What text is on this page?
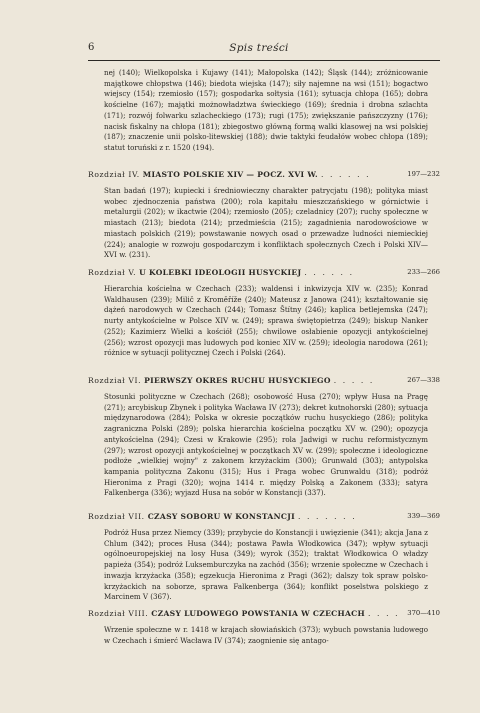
6	Spis treści
nej (140); Wielkopolska i Kujawy (141); Małopolska (142); Śląsk (144); zróżnicowanie majątkowe chłopstwa (146); biedota wiejska (147); siły najemne na wsi (151); bogactwo wiejscy (154); rzemiosło (157); gospodarka sołtysia (161); sytuacja chłopa (165); dobra kościelne (167); majątki możnowładztwa świeckiego (169); średnia i drobna szlachta (171); rozwój folwarku szlacheckiego (173); rugi (175); zwiększanie pańszczyzny (176); nacisk fiskalny na chłopa (181); zbiegostwo główną formą walki klasowej na wsi polskiej (187); znaczenie unii polsko-litewskiej (188); dwie taktyki feudałów wobec chłopa (189); statut toruński z r. 1520 (194).
Rozdział IV. MIASTO POLSKIE XIV — POCZ. XVI W. .  .  .  .  .  .	197—232
Stan badań (197); kupiecki i średniowieczny charakter patrycjatu (198); polityka miast wobec zjednoczenia państwa (200); rola kapitału mieszczańskiego w górnictwie i metalurgii (202); w ikactwie (204); rzemiosło (205); czeladnicy (207); ruchy społeczne w miastach (213); biedota (214); przedmieścia (215); zagadnienia narodowościowe w miastach polskich (219); powstawanie nowych osad o przewadze ludności niemieckiej (224); analogie w rozwoju gospodarczym i konfliktach społecznych Czech i Polski XIV—XVI w. (231).
Rozdział V. U KOLEBKI IDEOLOGII HUSYCKIEJ .  .  .  .  .  .	233—266
Hierarchia kościelna w Czechach (233); waldensi i inkwizycja XIV w. (235); Konrad Waldhausen (239); Milič z Kroměříže (240); Mateusz z Janowa (241); kształtowanie się dążeń narodowych w Czechach (244); Tomasz Štítny (246); kaplica betlejemska (247); nurty antykościelne w Polsce XIV w. (249); sprawa świętopietrza (249); biskup Nanker (252); Kazimierz Wielki a kościół (255); chwilowe osłabienie opozycji antykościelnej (256); wzrost opozycji mas ludowych pod koniec XIV w. (259); ideologia narodowa (261); różnice w sytuacji politycznej Czech i Polski (264).
Rozdział VI. PIERWSZY OKRES RUCHU HUSYCKIEGO .  .  .  .  .	267—338
Stosunki polityczne w Czechach (268); osobowość Husa (270); wpływ Husa na Pragę (271); arcybiskup Zbynek i polityka Wacława IV (273); dekret kutnohorski (280); sytuacja międzynarodowa (284); Polska w okresie początków ruchu husyckiego (286); polityka zagraniczna Polski (289); polska hierarchia kościelna początku XV w. (290); opozycja antykościelna (294); Czesi w Krakowie (295); rola Jadwigi w ruchu reformistycznym (297); wzrost opozycji antykościelnej w początkach XV w. (299); społeczne i ideologiczne podłoże „wielkiej wojny" z zakonem krzyżackim (300); Grunwald (303); antypolska kampania polityczna Zakonu (315); Hus i Praga wobec Grunwaldu (318); podróż Hieronima z Pragi (320); wojna 1414 r. między Polską a Zakonem (333); satyra Falkenberga (336); wyjazd Husa na sobór w Konstancji (337).
Rozdział VII. CZASY SOBORU W KONSTANCJI .  .  .  .  .  .  .	339—369
Podróż Husa przez Niemcy (339); przybycie do Konstancji i uwięzienie (341); akcja Jana z Chlum (342); proces Husa (344); postawa Pawła Włodkowica (347); wpływ sytuacji ogólnoeuropejskiej na losy Husa (349); wyrok (352); traktat Włodkowica O władzy papieża (354); podróż Luksemburczyka na zachód (356); wrzenie społeczne w Czechach i inwazja krzyżacka (358); egzekucja Hieronima z Pragi (362); dalszy tok spraw polsko-krzyżackich na soborze, sprawa Falkenberga (364); konflikt poselstwa polskiego z Marcinem V (367).
Rozdział VIII. CZASY LUDOWEGO POWSTANIA W CZECHACH .  .  .  . 370—410
Wrzenie społeczne w r. 1418 w krajach słowiańskich (373); wybuch powstania ludowego w Czechach i śmierć Wacława IV (374); zaognienie się antago-
